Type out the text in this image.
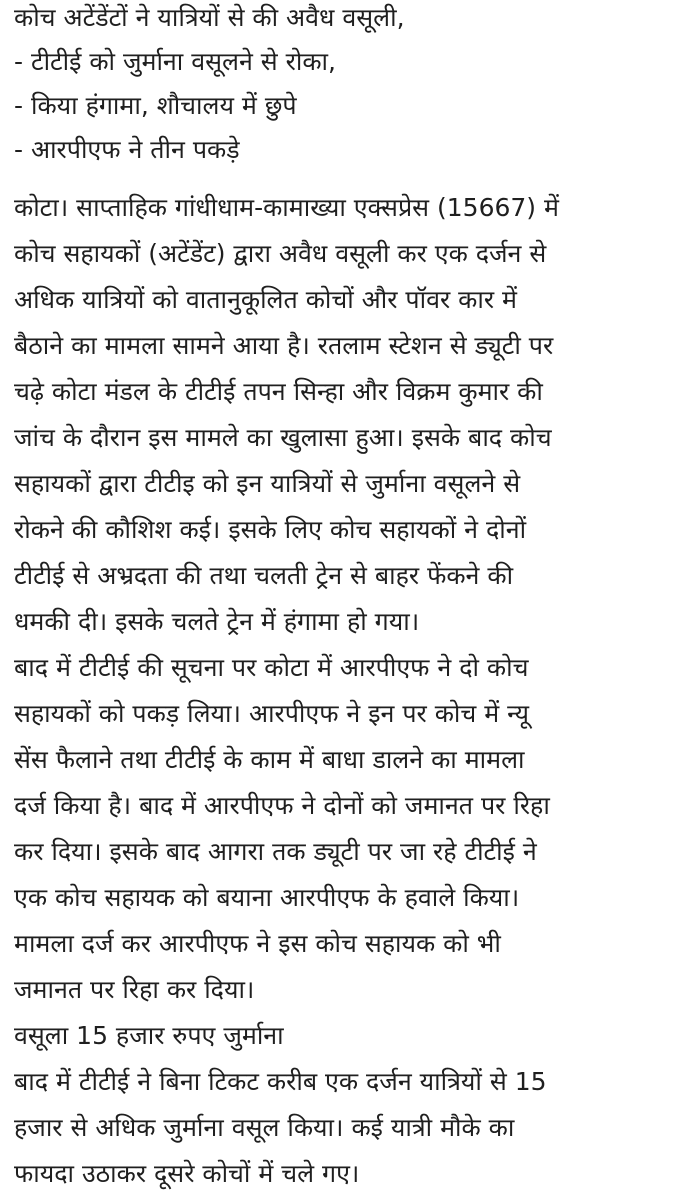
कोच अटेंडेंटों ने यात्रियों से की अवैध वसूली,
- टीटीई को जुर्माना वसूलने से रोका,
- किया हंगामा, शौचालय में छुपे
- आरपीएफ ने तीन पकड़े
कोटा। साप्ताहिक गांधीधाम-कामाख्या एक्सप्रेस (15667) में
कोच सहायकों (अटेंडेंट) द्वारा अवैध वसूली कर एक दर्जन से
अधिक यात्रियों को वातानुकूलित कोचों और पॉवर कार में
बैठाने का मामला सामने आया है। रतलाम स्टेशन से ड्यूटी पर
चढ़े कोटा मंडल के टीटीई तपन सिन्हा और विक्रम कुमार की
जांच के दौरान इस मामले का खुलासा हुआ। इसके बाद कोच
सहायकों द्वारा टीटीइ को इन यात्रियों से जुर्माना वसूलने से
रोकने की कौशिश कई। इसके लिए कोच सहायकों ने दोनों
टीटीई से अभ्रदता की तथा चलती ट्रेन से बाहर फेंकने की
धमकी दी। इसके चलते ट्रेन में हंगामा हो गया।
बाद में टीटीई की सूचना पर कोटा में आरपीएफ ने दो कोच
सहायकों को पकड़ लिया। आरपीएफ ने इन पर कोच में न्यू
सेंस फैलाने तथा टीटीई के काम में बाधा डालने का मामला
दर्ज किया है। बाद में आरपीएफ ने दोनों को जमानत पर रिहा
कर दिया। इसके बाद आगरा तक ड्यूटी पर जा रहे टीटीई ने
एक कोच सहायक को बयाना आरपीएफ के हवाले किया।
मामला दर्ज कर आरपीएफ ने इस कोच सहायक को भी
जमानत पर रिहा कर दिया।
वसूला 15 हजार रुपए जुर्माना
बाद में टीटीई ने बिना टिकट करीब एक दर्जन यात्रियों से 15
हजार से अधिक जुर्माना वसूल किया। कई यात्री मौके का
फायदा उठाकर दूसरे कोचों में चले गए।
